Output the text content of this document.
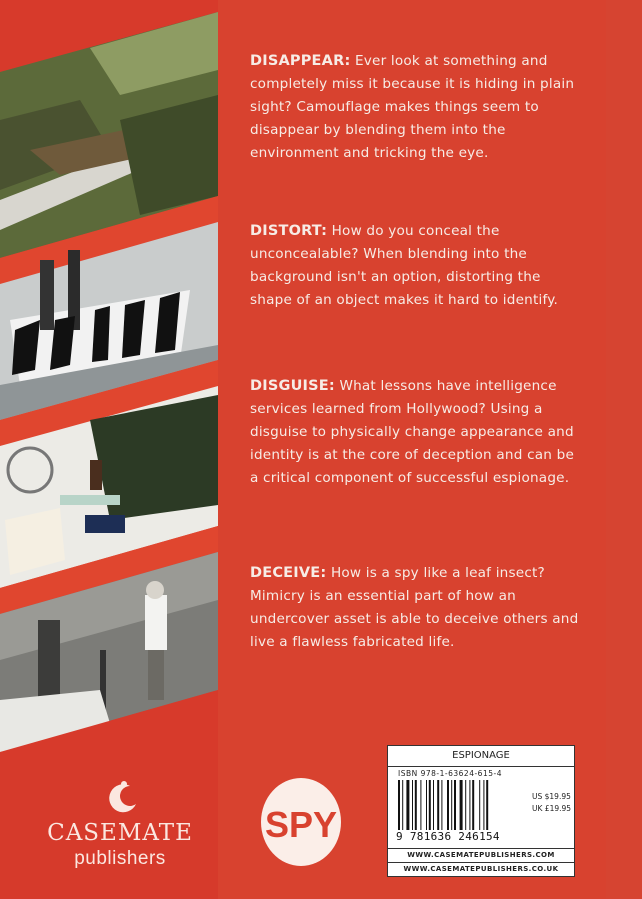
DISAPPEAR: Ever look at something and completely miss it because it is hiding in plain sight? Camouflage makes things seem to disappear by blending them into the environment and tricking the eye.
DISTORT: How do you conceal the unconcealable? When blending into the background isn't an option, distorting the shape of an object makes it hard to identify.
DISGUISE: What lessons have intelligence services learned from Hollywood? Using a disguise to physically change appearance and identity is at the core of deception and can be a critical component of successful espionage.
DECEIVE: How is a spy like a leaf insect? Mimicry is an essential part of how an undercover asset is able to deceive others and live a flawless fabricated life.
CASEMATE
publishers
SPY
ESPIONAGE
ISBN 978-1-63624-615-4
9 781636 246154
US $19.95
UK £19.95
WWW.CASEMATEPUBLISHERS.COM
WWW.CASEMATEPUBLISHERS.CO.UK
